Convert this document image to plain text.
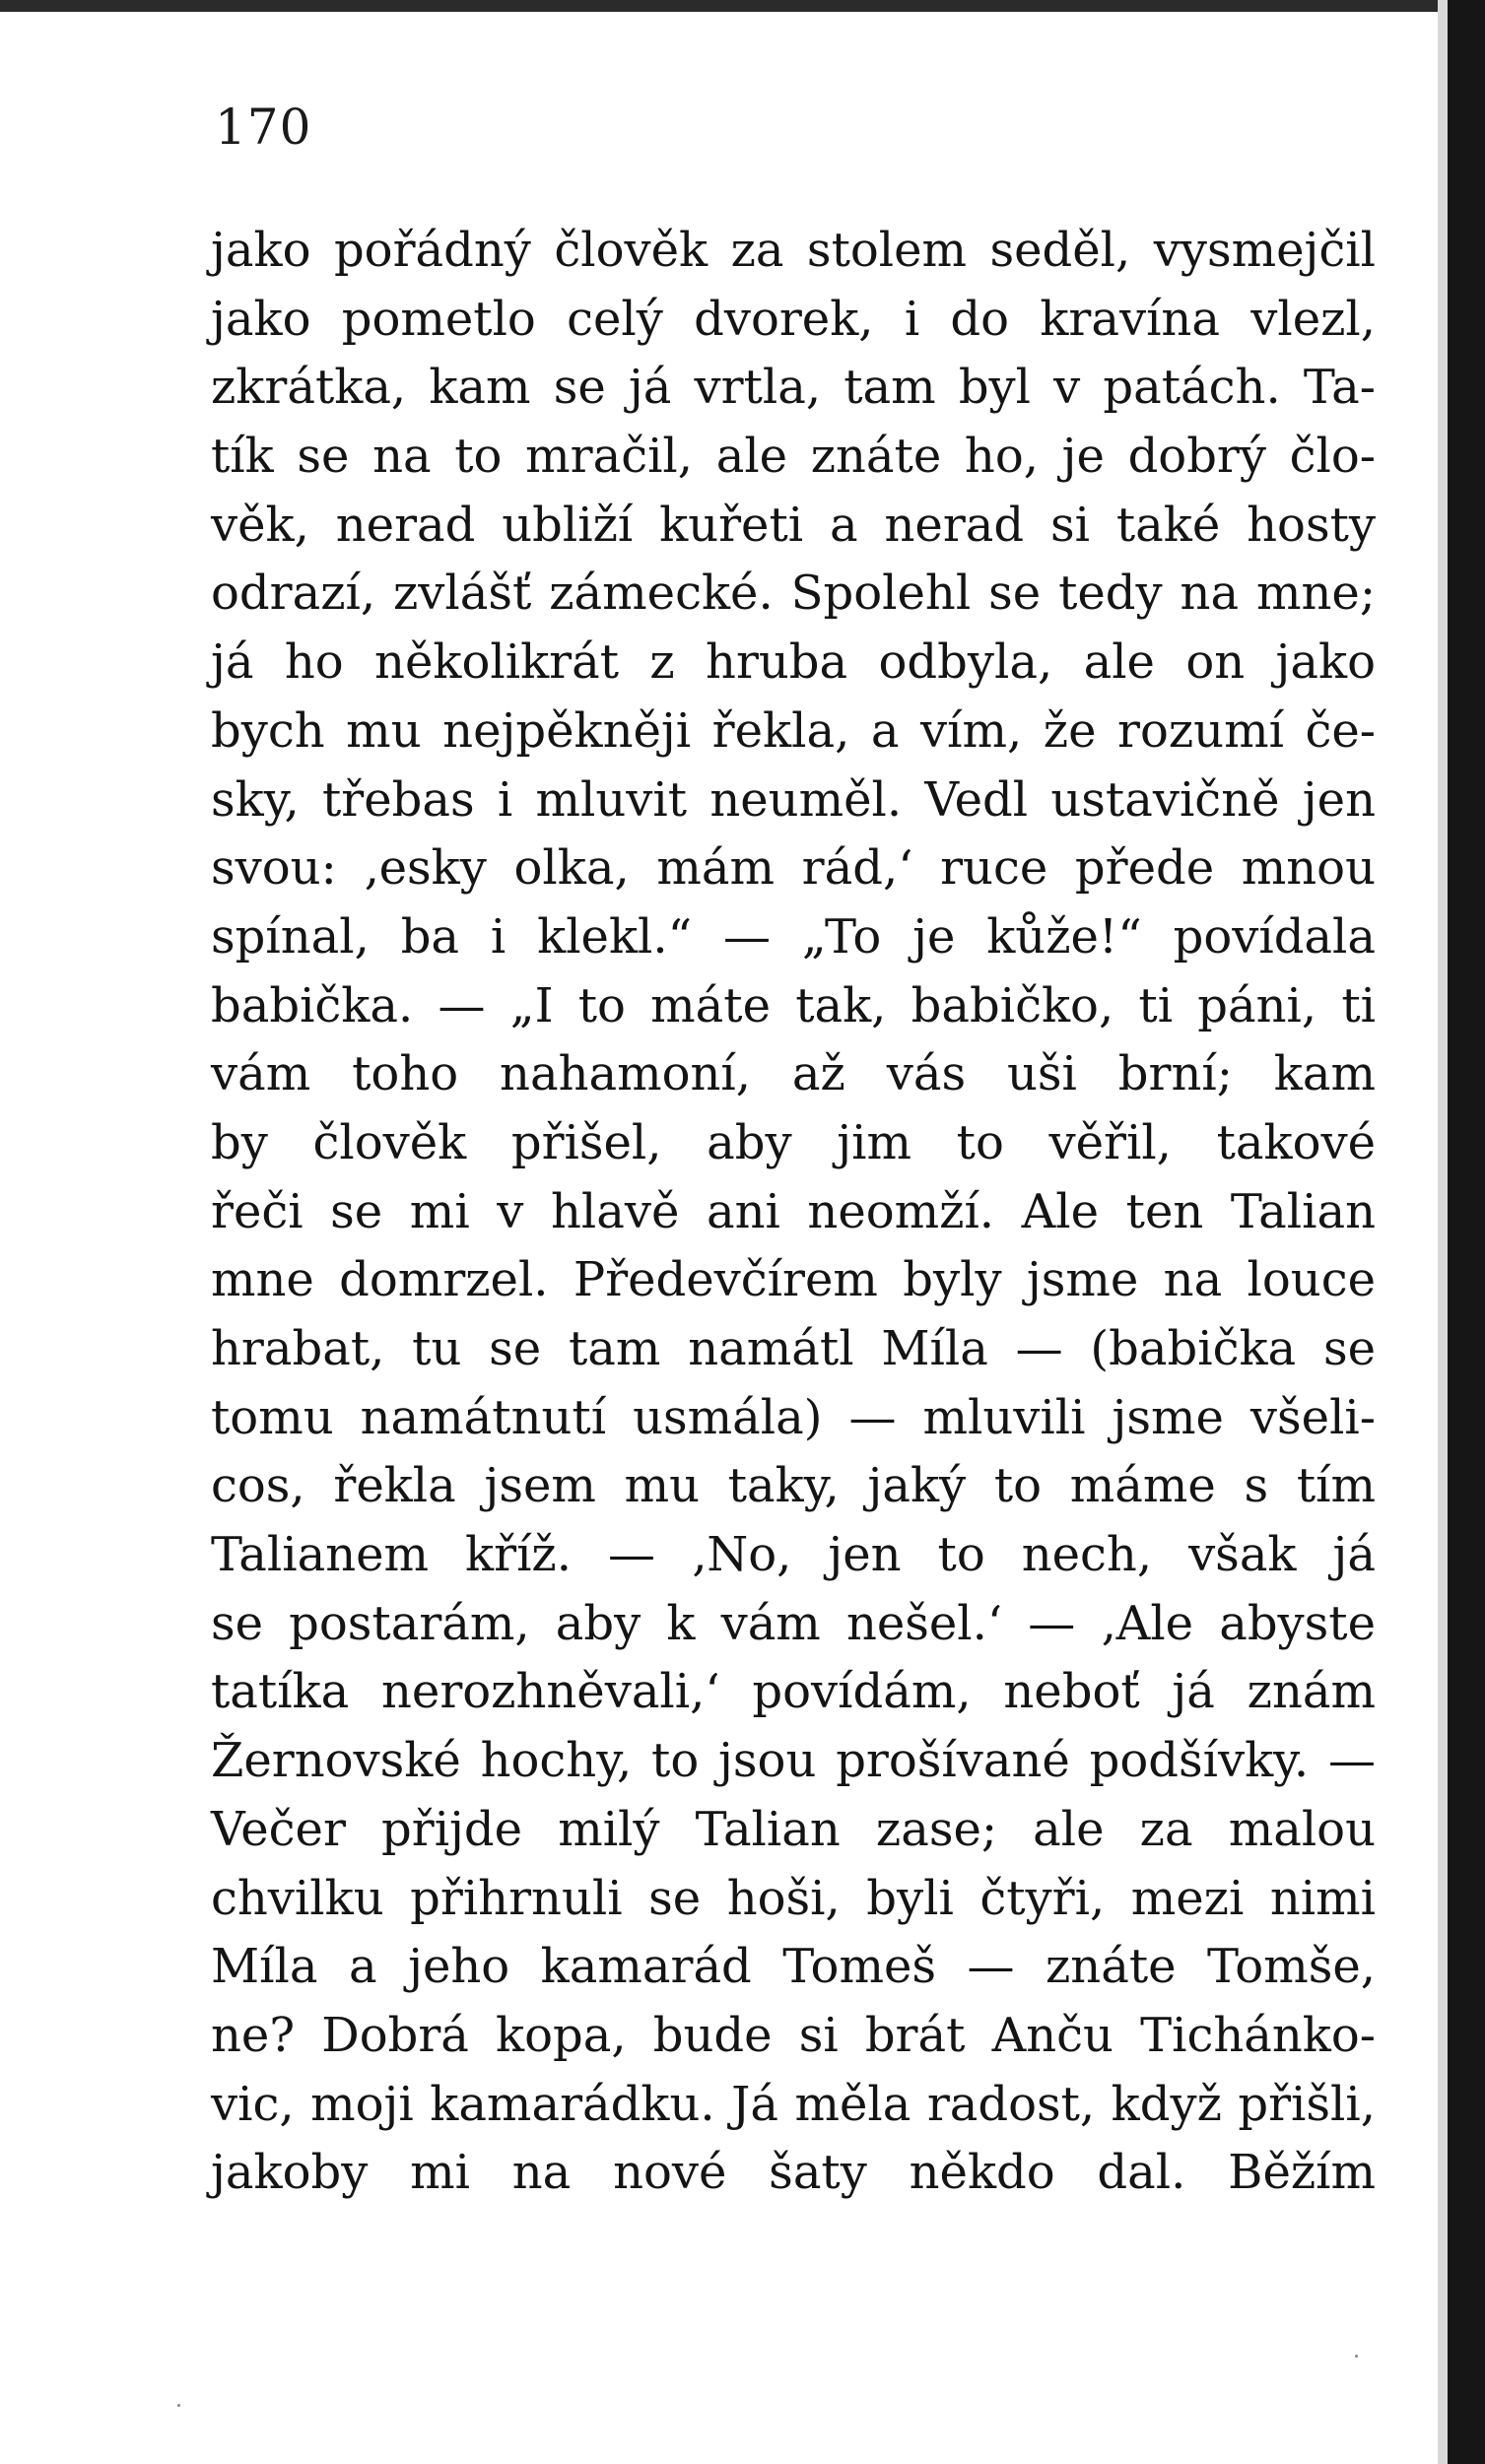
170
jako pořádný člověk za stolem seděl, vysmejčil
jako pometlo celý dvorek, i do kravína vlezl,
zkrátka, kam se já vrtla, tam byl v patách. Ta-
tík se na to mračil, ale znáte ho, je dobrý člo-
věk, nerad ubliží kuřeti a nerad si také hosty
odrazí, zvlášť zámecké. Spolehl se tedy na mne;
já ho několikrát z hruba odbyla, ale on jako
bych mu nejpěkněji řekla, a vím, že rozumí če-
sky, třebas i mluvit neuměl. Vedl ustavičně jen
svou: ‚esky olka, mám rád,‘ ruce přede mnou
spínal, ba i klekl.“ — „To je kůže!“ povídala
babička. — „I to máte tak, babičko, ti páni, ti
vám toho nahamoní, až vás uši brní; kam
by člověk přišel, aby jim to věřil, takové
řeči se mi v hlavě ani neomží. Ale ten Talian
mne domrzel. Předevčírem byly jsme na louce
hrabat, tu se tam namátl Míla — (babička se
tomu namátnutí usmála) — mluvili jsme všeli-
cos, řekla jsem mu taky, jaký to máme s tím
Talianem kříž. — ‚No, jen to nech, však já
se postarám, aby k vám nešel.‘ — ‚Ale abyste
tatíka nerozhněvali,‘ povídám, neboť já znám
Žernovské hochy, to jsou prošívané podšívky. —
Večer přijde milý Talian zase; ale za malou
chvilku přihrnuli se hoši, byli čtyři, mezi nimi
Míla a jeho kamarád Tomeš — znáte Tomše,
ne? Dobrá kopa, bude si brát Anču Tichánko-
vic, moji kamarádku. Já měla radost, když přišli,
jakoby mi na nové šaty někdo dal. Běžím
